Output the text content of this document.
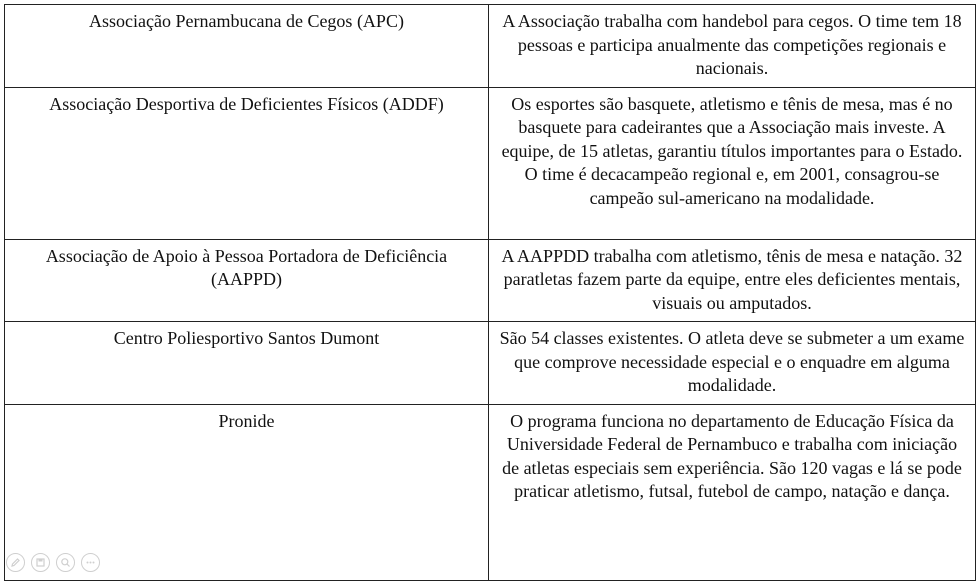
Associação Pernambucana de Cegos (APC)	A Associação trabalha com handebol para cegos. O time tem 18 pessoas e participa anualmente das competições regionais e nacionais.
Associação Desportiva de Deficientes Físicos (ADDF)	Os esportes são basquete, atletismo e tênis de mesa, mas é no basquete para cadeirantes que a Associação mais investe. A equipe, de 15 atletas, garantiu títulos importantes para o Estado. O time é decacampeão regional e, em 2001, consagrou-se campeão sul-americano na modalidade.
Associação de Apoio à Pessoa Portadora de Deficiência (AAPPD)	A AAPPDD trabalha com atletismo, tênis de mesa e natação. 32 paratletas fazem parte da equipe, entre eles deficientes mentais, visuais ou amputados.
Centro Poliesportivo Santos Dumont	São 54 classes existentes. O atleta deve se submeter a um exame que comprove necessidade especial e o enquadre em alguma modalidade.
Pronide	O programa funciona no departamento de Educação Física da Universidade Federal de Pernambuco e trabalha com iniciação de atletas especiais sem experiência. São 120 vagas e lá se pode praticar atletismo, futsal, futebol de campo, natação e dança.
